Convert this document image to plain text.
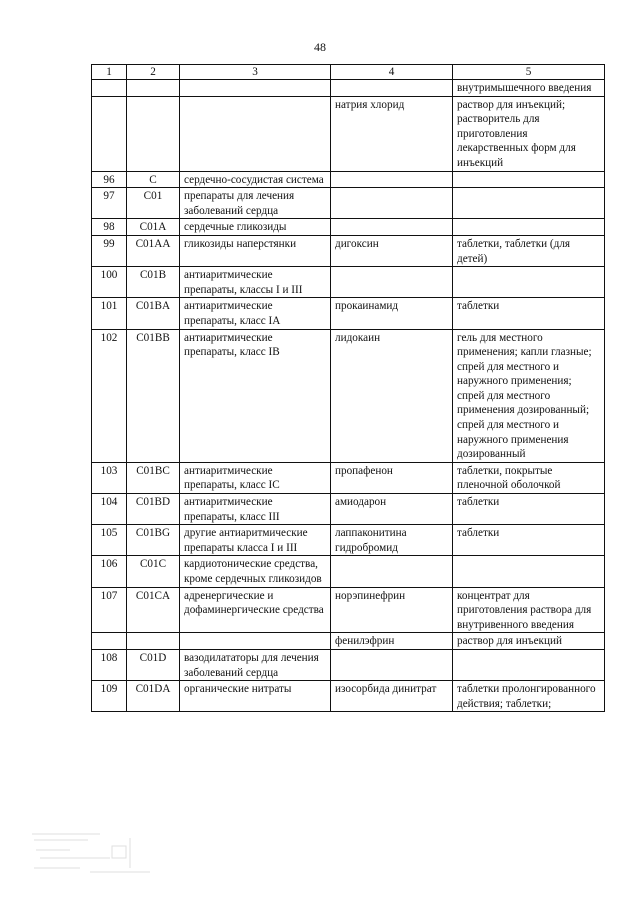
48
1	2	3	4	5
				внутримышечного введения
			натрия хлорид	раствор для инъекций; растворитель для приготовления лекарственных форм для инъекций
96	C	сердечно-сосудистая система		
97	C01	препараты для лечения заболеваний сердца		
98	C01A	сердечные гликозиды		
99	C01AA	гликозиды наперстянки	дигоксин	таблетки, таблетки (для детей)
100	C01B	антиаритмические препараты, классы I и III		
101	C01BA	антиаритмические препараты, класс IA	прокаинамид	таблетки
102	C01BB	антиаритмические препараты, класс IB	лидокаин	гель для местного применения; капли глазные; спрей для местного и наружного применения; спрей для местного применения дозированный; спрей для местного и наружного применения дозированный
103	C01BC	антиаритмические препараты, класс IC	пропафенон	таблетки, покрытые пленочной оболочкой
104	C01BD	антиаритмические препараты, класс III	амиодарон	таблетки
105	C01BG	другие антиаритмические препараты класса I и III	лаппаконитина гидробромид	таблетки
106	C01C	кардиотонические средства, кроме сердечных гликозидов		
107	C01CA	адренергические и дофаминергические средства	норэпинефрин	концентрат для приготовления раствора для внутривенного введения
			фенилэфрин	раствор для инъекций
108	C01D	вазодилататоры для лечения заболеваний сердца		
109	C01DA	органические нитраты	изосорбида динитрат	таблетки пролонгированного действия; таблетки;
